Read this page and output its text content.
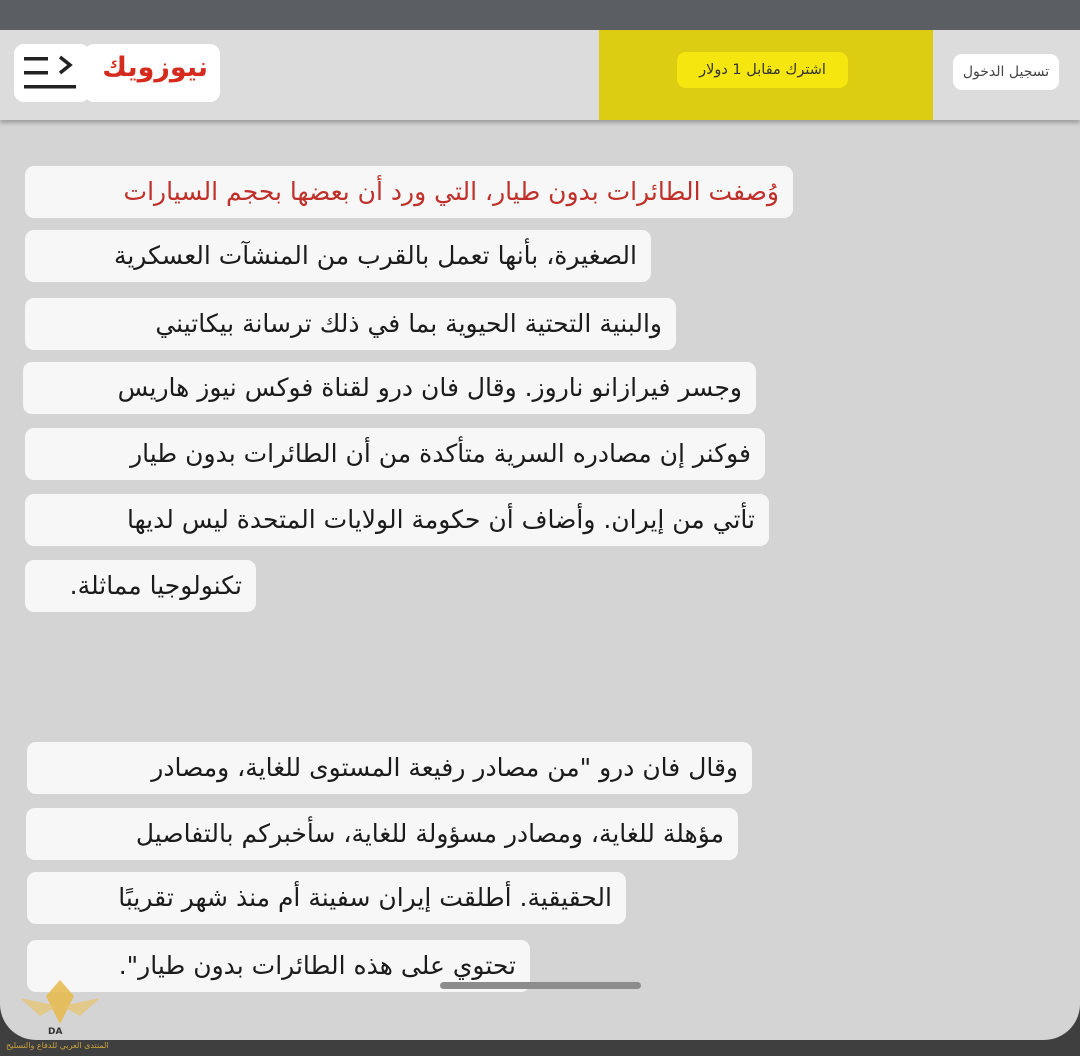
نيوزويك	اشترك مقابل 1 دولار	تسجيل الدخول
وُصفت الطائرات بدون طيار، التي ورد أن بعضها بحجم السيارات
الصغيرة، بأنها تعمل بالقرب من المنشآت العسكرية
والبنية التحتية الحيوية بما في ذلك ترسانة بيكاتيني
وجسر فيرازانو ناروز. وقال فان درو لقناة فوكس نيوز هاريس
فوكنر إن مصادره السرية متأكدة من أن الطائرات بدون طيار
تأتي من إيران. وأضاف أن حكومة الولايات المتحدة ليس لديها
تكنولوجيا مماثلة.
وقال فان درو "من مصادر رفيعة المستوى للغاية، ومصادر
مؤهلة للغاية، ومصادر مسؤولة للغاية، سأخبركم بالتفاصيل
الحقيقية. أطلقت إيران سفينة أم منذ شهر تقريبًا
تحتوي على هذه الطائرات بدون طيار".
DA
المنتدى العربي للدفاع والتسليح
